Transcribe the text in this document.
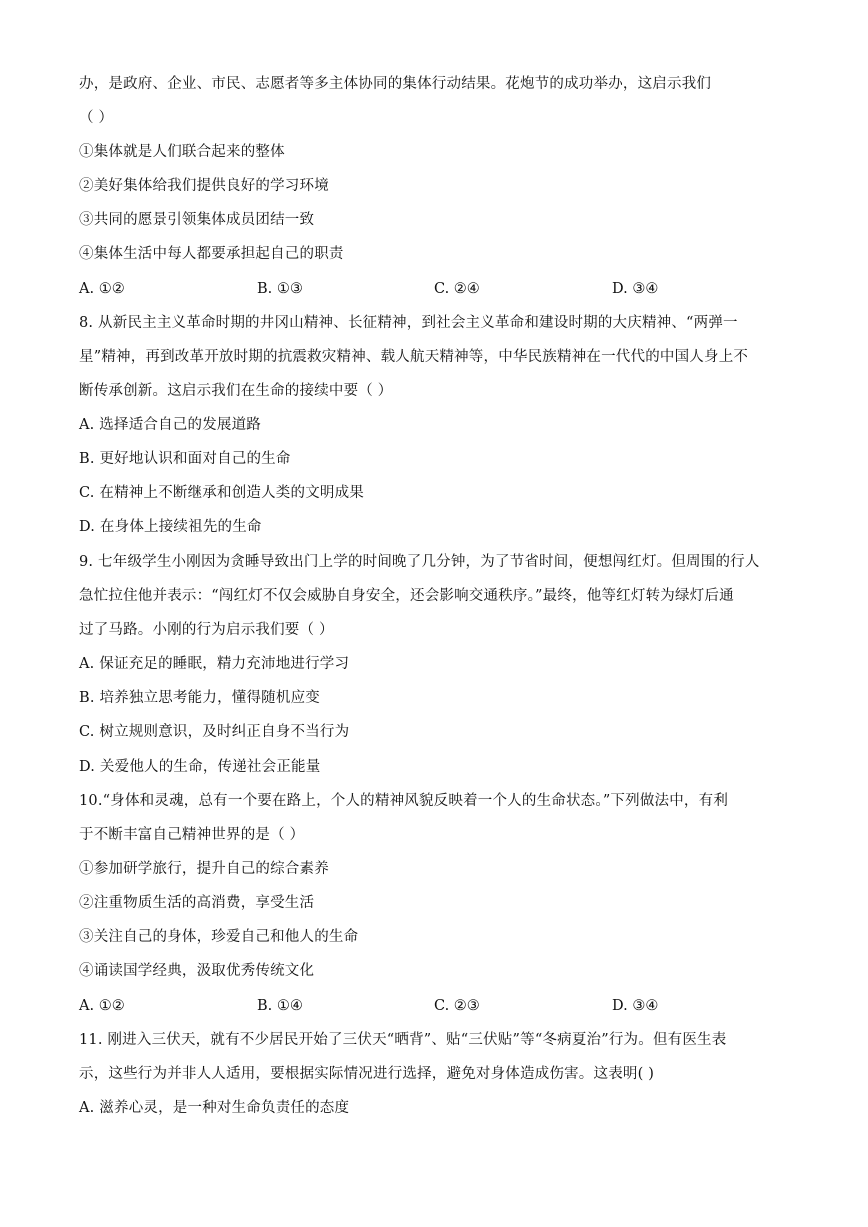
办，是政府、企业、市民、志愿者等多主体协同的集体行动结果。花炮节的成功举办，这启示我们
（ ）
①集体就是人们联合起来的整体
②美好集体给我们提供良好的学习环境
③共同的愿景引领集体成员团结一致
④集体生活中每人都要承担起自己的职责
A. ①②	B. ①③	C. ②④	D. ③④
8. 从新民主主义革命时期的井冈山精神、长征精神，到社会主义革命和建设时期的大庆精神、“两弹一
星”精神，再到改革开放时期的抗震救灾精神、载人航天精神等，中华民族精神在一代代的中国人身上不
断传承创新。这启示我们在生命的接续中要（ ）
A. 选择适合自己的发展道路
B. 更好地认识和面对自己的生命
C. 在精神上不断继承和创造人类的文明成果
D. 在身体上接续祖先的生命
9. 七年级学生小刚因为贪睡导致出门上学的时间晚了几分钟，为了节省时间，便想闯红灯。但周围的行人
急忙拉住他并表示：“闯红灯不仅会威胁自身安全，还会影响交通秩序。”最终，他等红灯转为绿灯后通
过了马路。小刚的行为启示我们要（ ）
A. 保证充足的睡眠，精力充沛地进行学习
B. 培养独立思考能力，懂得随机应变
C. 树立规则意识，及时纠正自身不当行为
D. 关爱他人的生命，传递社会正能量
10.“身体和灵魂，总有一个要在路上，个人的精神风貌反映着一个人的生命状态。”下列做法中，有利
于不断丰富自己精神世界的是（ ）
①参加研学旅行，提升自己的综合素养
②注重物质生活的高消费，享受生活
③关注自己的身体，珍爱自己和他人的生命
④诵读国学经典，汲取优秀传统文化
A. ①②	B. ①④	C. ②③	D. ③④
11. 刚进入三伏天，就有不少居民开始了三伏天“晒背”、贴“三伏贴”等“冬病夏治”行为。但有医生表
示，这些行为并非人人适用，要根据实际情况进行选择，避免对身体造成伤害。这表明( )
A. 滋养心灵，是一种对生命负责任的态度
